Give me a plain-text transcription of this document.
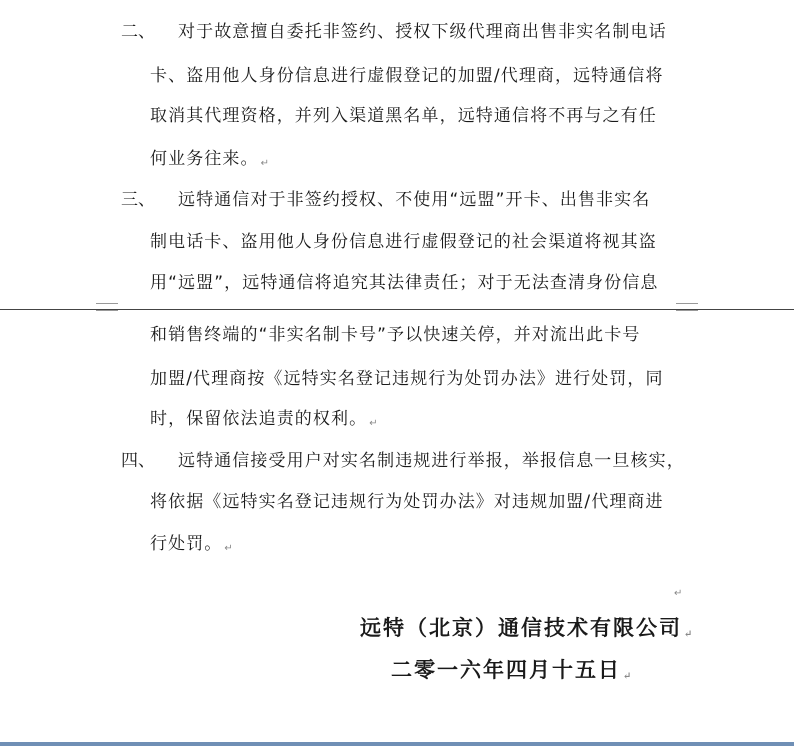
二、 对于故意擅自委托非签约、授权下级代理商出售非实名制电话
卡、盗用他人身份信息进行虚假登记的加盟/代理商，远特通信将
取消其代理资格，并列入渠道黑名单，远特通信将不再与之有任
何业务往来。 ↵
三、 远特通信对于非签约授权、不使用“远盟”开卡、出售非实名
制电话卡、盗用他人身份信息进行虚假登记的社会渠道将视其盗
用“远盟”，远特通信将追究其法律责任；对于无法查清身份信息
和销售终端的“非实名制卡号”予以快速关停，并对流出此卡号
加盟/代理商按《远特实名登记违规行为处罚办法》进行处罚，同
时，保留依法追责的权利。 ↵
四、 远特通信接受用户对实名制违规进行举报，举报信息一旦核实，
将依据《远特实名登记违规行为处罚办法》对违规加盟/代理商进
行处罚。 ↵
↵
远特（北京）通信技术有限公司 ↵
二零一六年四月十五日 ↵
